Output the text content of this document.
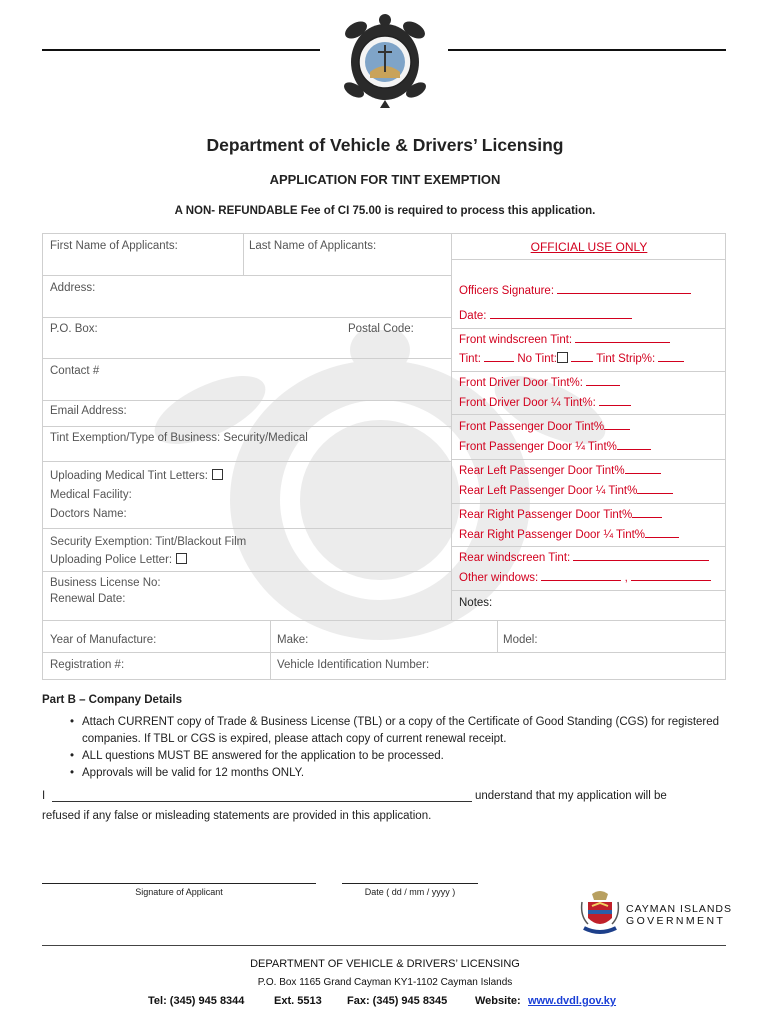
Department of Vehicle & Drivers’ Licensing
APPLICATION FOR TINT EXEMPTION
A NON- REFUNDABLE Fee of CI 75.00 is required to process this application.
First Name of Applicants:	Last Name of Applicants:
Address:
P.O. Box:	Postal Code:
Contact #
Email Address:
Tint Exemption/Type of Business: Security/Medical
Uploading Medical Tint Letters:
Medical Facility:
Doctors Name:
Security Exemption: Tint/Blackout Film
Uploading Police Letter:
Business License No:
Renewal Date:
Year of Manufacture:	Make:	Model:
Registration #:	Vehicle Identification Number:
OFFICIAL USE ONLY
Officers Signature:
Date:
Front windscreen Tint:
Tint:	No Tint:	Tint Strip%:
Front Driver Door Tint%:
Front Driver Door ¼ Tint%:
Front Passenger Door Tint%
Front Passenger Door ¼ Tint%
Rear Left Passenger Door Tint%
Rear Left Passenger Door ¼ Tint%
Rear Right Passenger Door Tint%
Rear Right Passenger Door ¼ Tint%
Rear windscreen Tint:
Other windows:	,
Notes:
Part B – Company Details
• Attach CURRENT copy of Trade & Business License (TBL) or a copy of the Certificate of Good Standing (CGS) for registered companies. If TBL or CGS is expired, please attach copy of current renewal receipt.
• ALL questions MUST BE answered for the application to be processed.
• Approvals will be valid for 12 months ONLY.
I	understand that my application will be
refused if any false or misleading statements are provided in this application.
Signature of Applicant	Date ( dd / mm / yyyy )
CAYMAN ISLANDS
GOVERNMENT
DEPARTMENT OF VEHICLE & DRIVERS’ LICENSING
P.O. Box 1165 Grand Cayman KY1-1102 Cayman Islands
Tel: (345) 945 8344	Ext. 5513 Fax: (345) 945 8345	Website: www.dvdl.gov.ky
